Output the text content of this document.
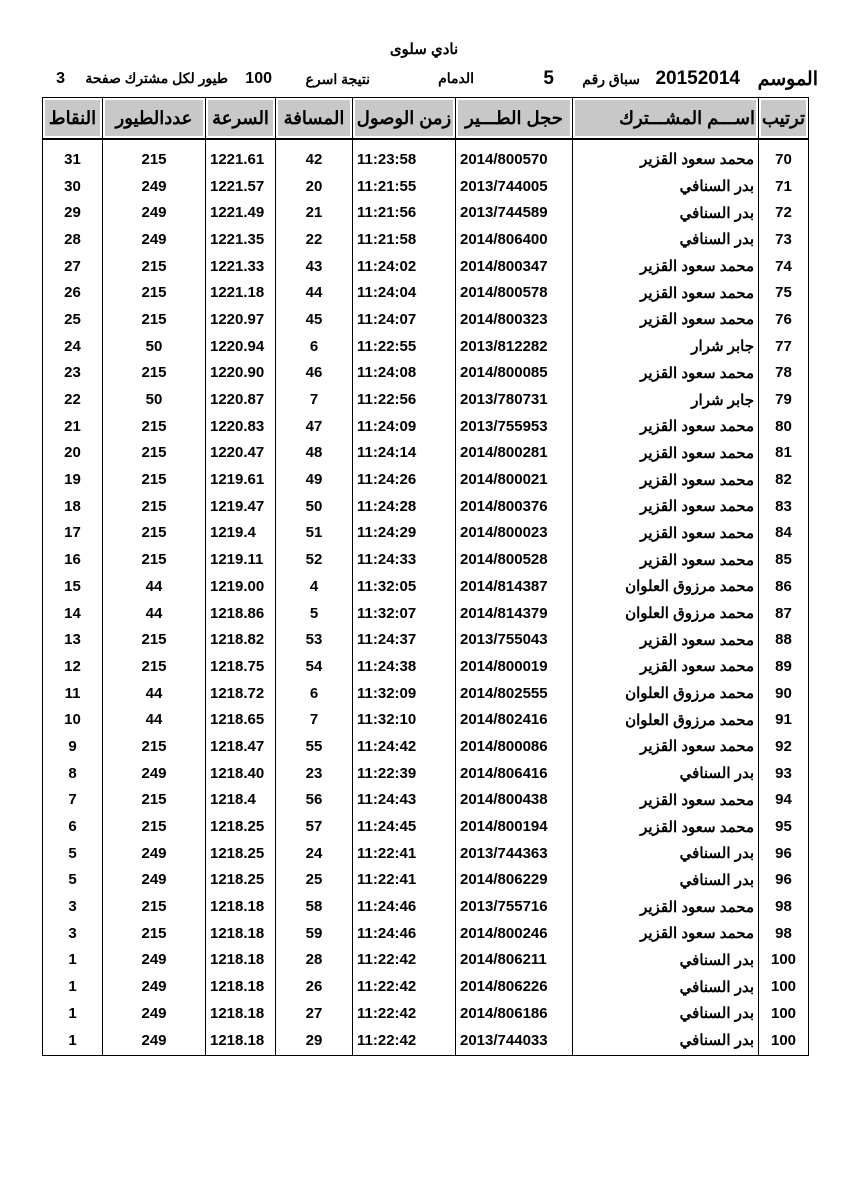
نادي سلوى
الموسم
20152014
سباق رقم
5
الدمام
نتيجة اسرع
100
طيور لكل مشترك صفحة
3
ترتيب	اســـم المشـــترك	حجل الطـــير	زمن الوصول	المسافة	السرعة	عددالطيور	النقاط
70	محمد سعود القزير	2014/800570	11:23:58	42	1221.61	215	31
71	بدر السنافي	2013/744005	11:21:55	20	1221.57	249	30
72	بدر السنافي	2013/744589	11:21:56	21	1221.49	249	29
73	بدر السنافي	2014/806400	11:21:58	22	1221.35	249	28
74	محمد سعود القزير	2014/800347	11:24:02	43	1221.33	215	27
75	محمد سعود القزير	2014/800578	11:24:04	44	1221.18	215	26
76	محمد سعود القزير	2014/800323	11:24:07	45	1220.97	215	25
77	جابر شرار	2013/812282	11:22:55	6	1220.94	50	24
78	محمد سعود القزير	2014/800085	11:24:08	46	1220.90	215	23
79	جابر شرار	2013/780731	11:22:56	7	1220.87	50	22
80	محمد سعود القزير	2013/755953	11:24:09	47	1220.83	215	21
81	محمد سعود القزير	2014/800281	11:24:14	48	1220.47	215	20
82	محمد سعود القزير	2014/800021	11:24:26	49	1219.61	215	19
83	محمد سعود القزير	2014/800376	11:24:28	50	1219.47	215	18
84	محمد سعود القزير	2014/800023	11:24:29	51	1219.4	215	17
85	محمد سعود القزير	2014/800528	11:24:33	52	1219.11	215	16
86	محمد مرزوق العلوان	2014/814387	11:32:05	4	1219.00	44	15
87	محمد مرزوق العلوان	2014/814379	11:32:07	5	1218.86	44	14
88	محمد سعود القزير	2013/755043	11:24:37	53	1218.82	215	13
89	محمد سعود القزير	2014/800019	11:24:38	54	1218.75	215	12
90	محمد مرزوق العلوان	2014/802555	11:32:09	6	1218.72	44	11
91	محمد مرزوق العلوان	2014/802416	11:32:10	7	1218.65	44	10
92	محمد سعود القزير	2014/800086	11:24:42	55	1218.47	215	9
93	بدر السنافي	2014/806416	11:22:39	23	1218.40	249	8
94	محمد سعود القزير	2014/800438	11:24:43	56	1218.4	215	7
95	محمد سعود القزير	2014/800194	11:24:45	57	1218.25	215	6
96	بدر السنافي	2013/744363	11:22:41	24	1218.25	249	5
96	بدر السنافي	2014/806229	11:22:41	25	1218.25	249	5
98	محمد سعود القزير	2013/755716	11:24:46	58	1218.18	215	3
98	محمد سعود القزير	2014/800246	11:24:46	59	1218.18	215	3
100	بدر السنافي	2014/806211	11:22:42	28	1218.18	249	1
100	بدر السنافي	2014/806226	11:22:42	26	1218.18	249	1
100	بدر السنافي	2014/806186	11:22:42	27	1218.18	249	1
100	بدر السنافي	2013/744033	11:22:42	29	1218.18	249	1
